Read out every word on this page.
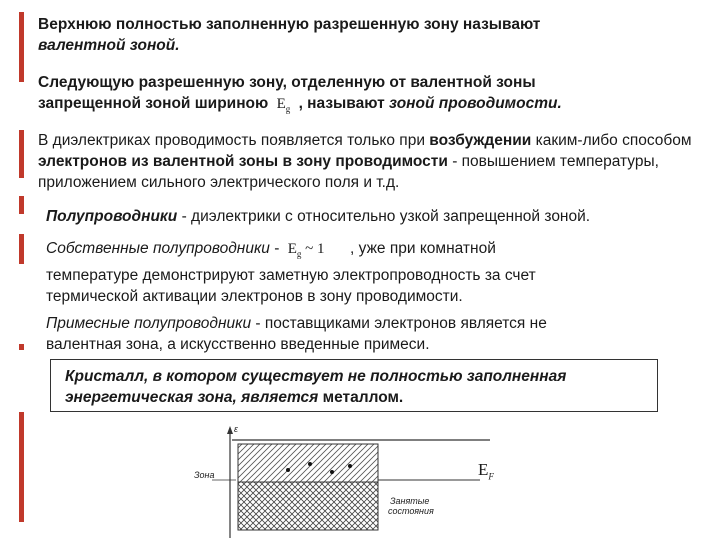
Верхнюю полностью заполненную разрешенную зону называют
валентной зоной.
Следующую разрешенную зону, отделенную от валентной зоны
запрещенной зоной шириною $E_g$ , называют зоной проводимости.
В диэлектриках проводимость появляется только при возбуждении каким-либо способом электронов из валентной зоны в зону проводимости - повышением температуры, приложением сильного электрического поля и т.д.
Полупроводники - диэлектрики с относительно узкой запрещенной зоной.
Собственные полупроводники - $E_g$ ~ 1 , уже при комнатной
температуре демонстрируют заметную электропроводность за счет
термической активации электронов в зону проводимости.
Примесные полупроводники - поставщиками электронов является не
валентная зона, а искусственно введенные примеси.
Кристалл, в котором существует не полностью заполненная
энергетическая зона, является металлом.
ε
Зона
Занятые
состояния
$E_F$
